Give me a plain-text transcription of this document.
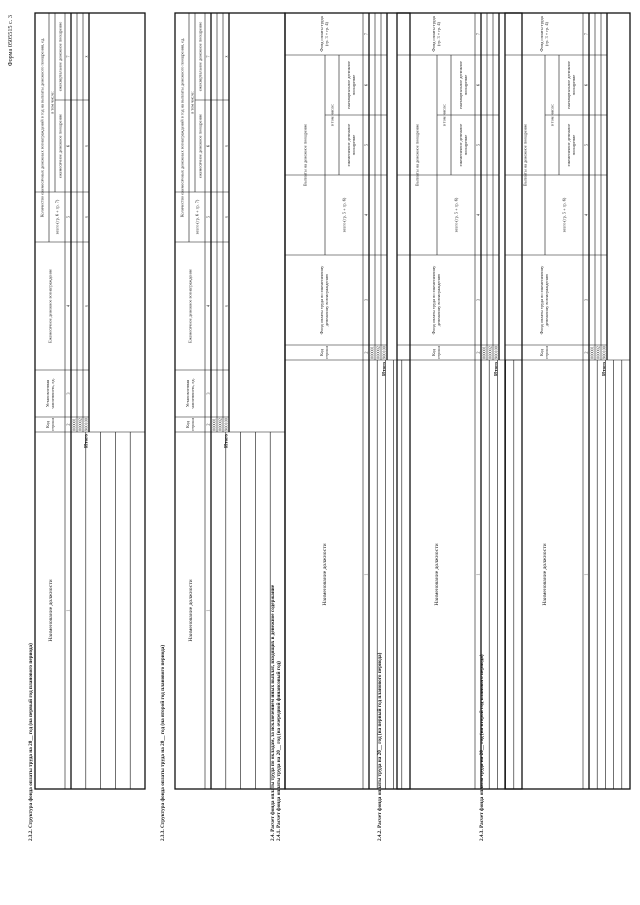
Форма 0505515 с. 3
2.3.2. Структура фонда оплаты труда на 20__ год (на первый год планового периода)
Наименование должности
Кодстроки
Установленнаячисленность, ед.
Ежемесячное денежное вознаграждение
Количество ежемесячных денежных вознаграждений в год на выплаты денежного поощрения, ед. всего (гр. 6 + гр. 7)
в том числе:
ежемесячное денежное поощрение
ежеквартальное денежное поощрение
1
2
3
4
5
6
7
000001 000002
Итого
900100
x
x
x
x
2.3.3. Структура фонда оплаты труда на 20__ год (на второй год планового периода)
Наименование должности
Кодстроки
Установленнаячисленность, ед.
Ежемесячное денежное вознаграждение
Количество ежемесячных денежных вознаграждений в год на выплаты денежного поощрения, ед. всего (гр. 6 + гр. 7)
в том числе:
ежемесячное денежное поощрение
ежеквартальное денежное поощрение
1
2
3
4
5
6
7
000001 000002
Итого
900100
x
x
x
x
2.4. Расчет фонда оплаты труда по окладам, за исключением иных выплат, входящих в денежное содержание 2.4.1. Расчет фонда оплаты труда на 20__ год (на очередной финансовый год)
Наименование должности
Кодстроки
Фонд оплаты труда по ежемесячномуденежному вознаграждению
Выплаты на денежное поощрение
всего (гр. 5 + гр. 6)
в том числе:
ежемесячное денежноепоощрение
ежеквартальное денежноепоощрение
Фонд оплаты труда(гр. 3 + гр. 4)
1
2
3
4
5
6
7
000001 000002
Итого
900100
2.4.2. Расчет фонда оплаты труда на 20__ год (на первый год планового периода)
Наименование должности
Кодстроки
Фонд оплаты труда по ежемесячномуденежному вознаграждению
Выплаты на денежное поощрение
всего (гр. 5 + гр. 6)
в том числе:
ежемесячное денежноепоощрение
ежеквартальное денежноепоощрение
Фонд оплаты труда(гр. 3 + гр. 4)
1
2
3
4
5
6
7
000001 000002
Итого
900100
2.4.3. Расчет фонда оплаты труда на 20__ год (на второй год планового периода)
Наименование должности
Кодстроки
Фонд оплаты труда по ежемесячномуденежному вознаграждению
Выплаты на денежное поощрение
всего (гр. 5 + гр. 6)
в том числе:
ежемесячное денежноепоощрение
ежеквартальное денежноепоощрение
Фонд оплаты труда(гр. 3 + гр. 4)
1
2
3
4
5
6
7
000001 000002
Итого
900100
